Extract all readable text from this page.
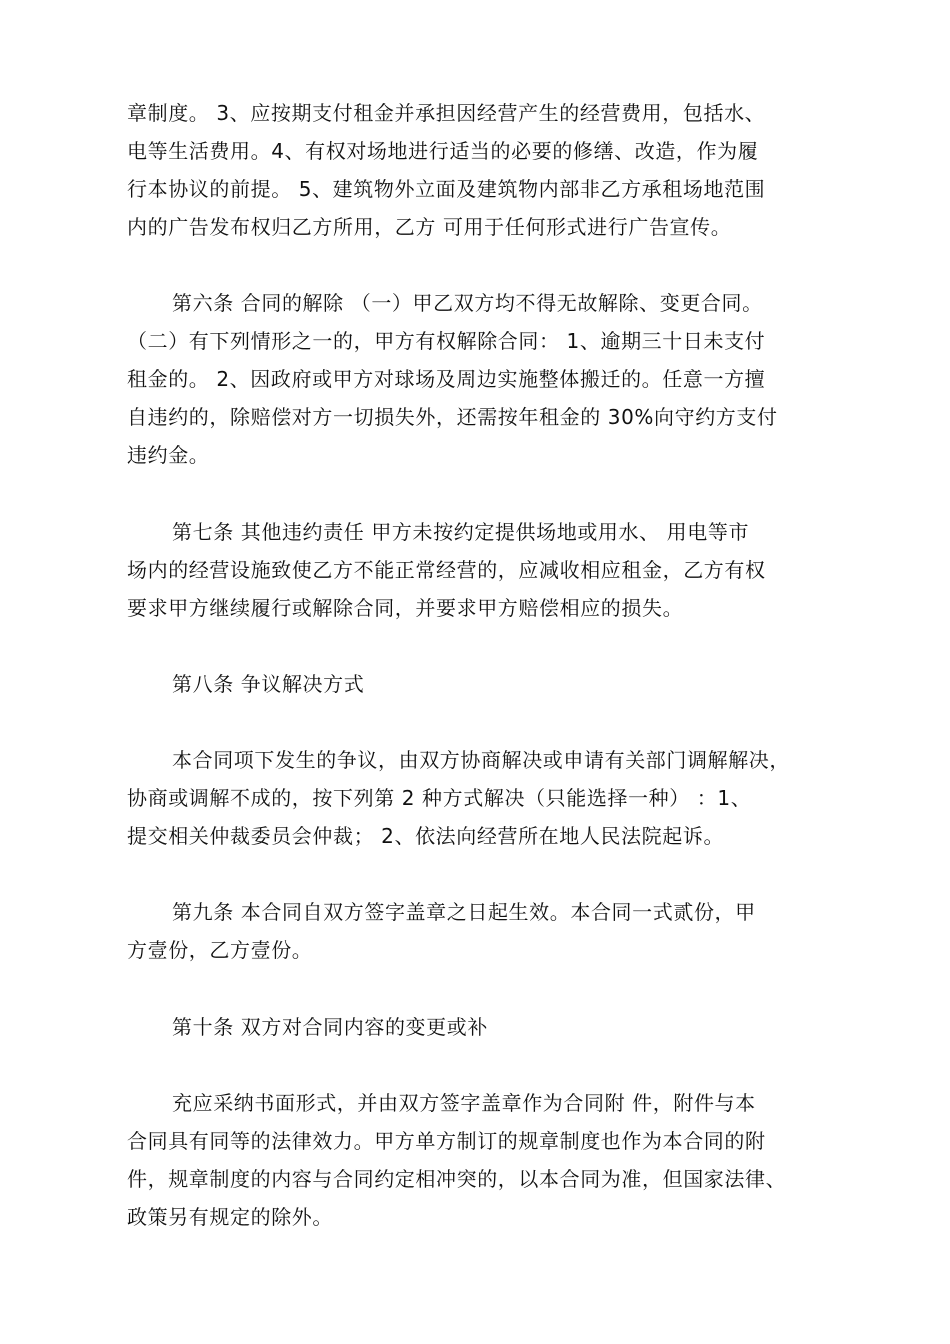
章制度。 3、应按期支付租金并承担因经营产生的经营费用，包括水、
电等生活费用。4、有权对场地进行适当的必要的修缮、改造，作为履
行本协议的前提。 5、建筑物外立面及建筑物内部非乙方承租场地范围
内的广告发布权归乙方所用，乙方 可用于任何形式进行广告宣传。
第六条 合同的解除 （一）甲乙双方均不得无故解除、变更合同。
（二）有下列情形之一的，甲方有权解除合同： 1、逾期三十日未支付
租金的。 2、因政府或甲方对球场及周边实施整体搬迁的。任意一方擅
自违约的，除赔偿对方一切损失外，还需按年租金的 30%向守约方支付
违约金。
第七条 其他违约责任 甲方未按约定提供场地或用水、 用电等市
场内的经营设施致使乙方不能正常经营的，应减收相应租金，乙方有权
要求甲方继续履行或解除合同，并要求甲方赔偿相应的损失。
第八条 争议解决方式
本合同项下发生的争议，由双方协商解决或申请有关部门调解解决，
协商或调解不成的，按下列第 2 种方式解决（只能选择一种） ：1、
提交相关仲裁委员会仲裁； 2、依法向经营所在地人民法院起诉。
第九条 本合同自双方签字盖章之日起生效。本合同一式贰份，甲
方壹份，乙方壹份。
第十条 双方对合同内容的变更或补
充应采纳书面形式，并由双方签字盖章作为合同附 件，附件与本
合同具有同等的法律效力。甲方单方制订的规章制度也作为本合同的附
件，规章制度的内容与合同约定相冲突的，以本合同为准，但国家法律、
政策另有规定的除外。
